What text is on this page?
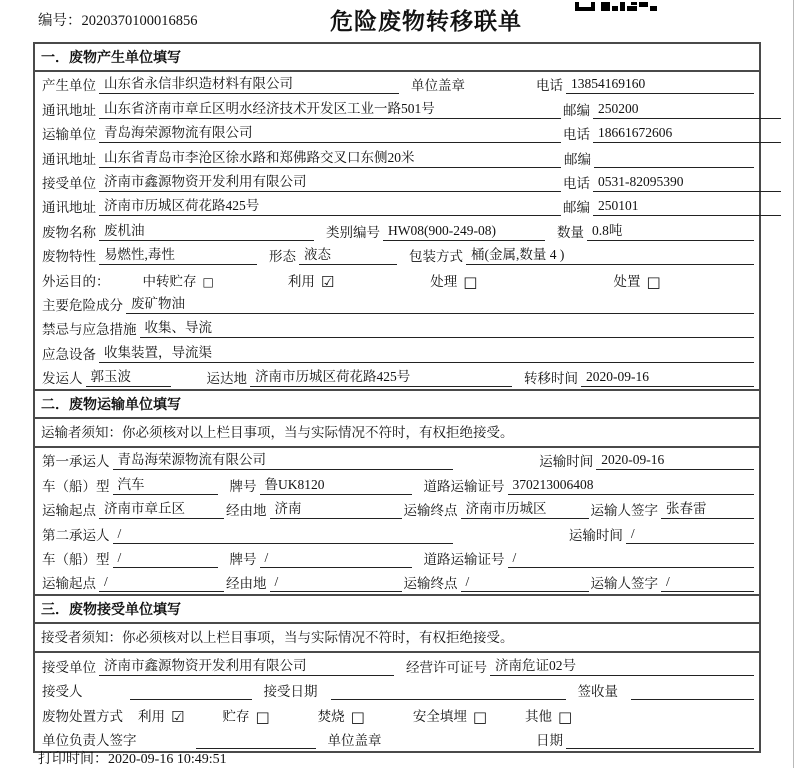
编号：2020370100016856	危险废物转移联单
一．废物产生单位填写
产生单位 山东省永信非织造材料有限公司	单位盖章	电话 13854169160
通讯地址 山东省济南市章丘区明水经济技术开发区工业一路501号	邮编 250200
运输单位 青岛海荣源物流有限公司	电话 18661672606
通讯地址 山东省青岛市李沧区徐水路和郑佛路交叉口东侧20米	邮编
接受单位 济南市鑫源物资开发利用有限公司	电话 0531-82095390
通讯地址 济南市历城区荷花路425号	邮编 250101
废物名称 废机油	类别编号 HW08(900-249-08)	数量 0.8吨
废物特性 易燃性,毒性	形态 液态	包装方式 桶(金属,数量 4 )
外运目的： 中转贮存 □	利用 ☑	处理 □	处置 □
主要危险成分 废矿物油
禁忌与应急措施 收集、导流
应急设备 收集装置，导流渠
发运人 郭玉波	运达地 济南市历城区荷花路425号	转移时间 2020-09-16
二．废物运输单位填写
运输者须知：你必须核对以上栏目事项，当与实际情况不符时，有权拒绝接受。
第一承运人 青岛海荣源物流有限公司	运输时间 2020-09-16
车（船）型 汽车	牌号 鲁UK8120	道路运输证号 370213006408
运输起点 济南市章丘区	经由地 济南	运输终点 济南市历城区	运输人签字 张春雷
第二承运人 /	运输时间 /
车（船）型 /	牌号 /	道路运输证号 /
运输起点 /	经由地 /	运输终点 /	运输人签字 /
三．废物接受单位填写
接受者须知：你必须核对以上栏目事项，当与实际情况不符时，有权拒绝接受。
接受单位 济南市鑫源物资开发利用有限公司	经营许可证号 济南危证02号
接受人	接受日期	签收量
废物处置方式 利用 ☑	贮存 □	焚烧 □	安全填埋 □	其他 □
单位负责人签字	单位盖章	日期
打印时间：2020-09-16 10:49:51
